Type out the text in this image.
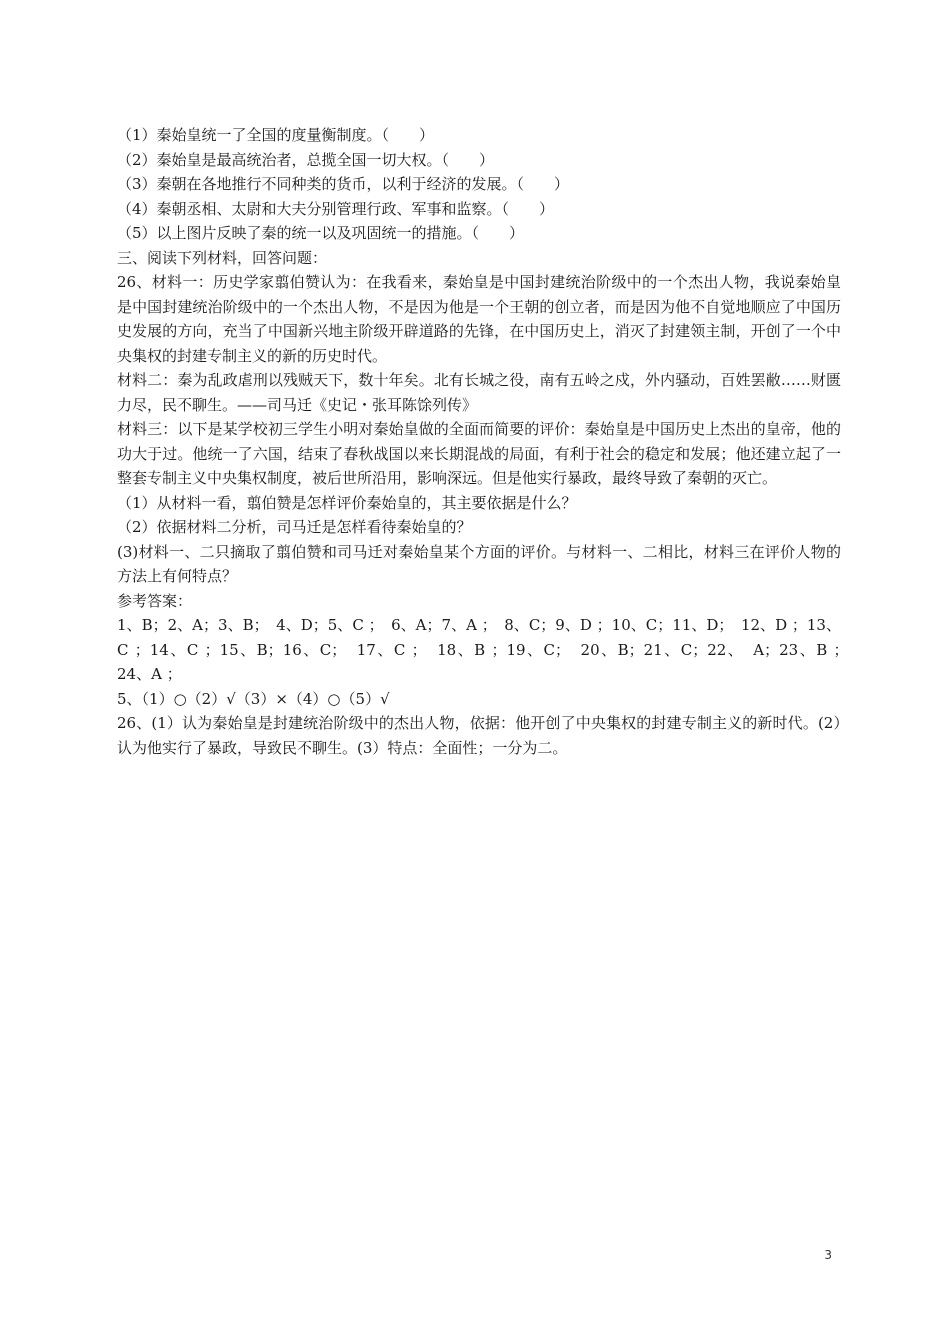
（1）秦始皇统一了全国的度量衡制度。（　　）
（2）秦始皇是最高统治者，总揽全国一切大权。（　　）
（3）秦朝在各地推行不同种类的货币，以利于经济的发展。（　　）
（4）秦朝丞相、太尉和大夫分别管理行政、军事和监察。（　　）
（5）以上图片反映了秦的统一以及巩固统一的措施。（　　）
三、阅读下列材料，回答问题：
26、材料一：历史学家翦伯赞认为：在我看来，秦始皇是中国封建统治阶级中的一个杰出人物，我说秦始皇是中国封建统治阶级中的一个杰出人物，不是因为他是一个王朝的创立者，而是因为他不自觉地顺应了中国历史发展的方向，充当了中国新兴地主阶级开辟道路的先锋，在中国历史上，消灭了封建领主制，开创了一个中央集权的封建专制主义的新的历史时代。
材料二：秦为乱政虐刑以残贼天下，数十年矣。北有长城之役，南有五岭之戍，外内骚动，百姓罢敝……财匮力尽，民不聊生。——司马迁《史记・张耳陈馀列传》
材料三：以下是某学校初三学生小明对秦始皇做的全面而简要的评价：秦始皇是中国历史上杰出的皇帝，他的功大于过。他统一了六国，结束了春秋战国以来长期混战的局面，有利于社会的稳定和发展；他还建立起了一整套专制主义中央集权制度，被后世所沿用，影响深远。但是他实行暴政，最终导致了秦朝的灭亡。
（1）从材料一看，翦伯赞是怎样评价秦始皇的，其主要依据是什么？
（2）依据材料二分析，司马迁是怎样看待秦始皇的？
(3)材料一、二只摘取了翦伯赞和司马迁对秦始皇某个方面的评价。与材料一、二相比，材料三在评价人物的方法上有何特点？
参考答案：
1、B；2、A；3、B；　4、D；5、C ；　6、A；7、A ；　8、C；9、D ；10、C；11、D；　12、D ；13、C ；14、C ；15、B；16、C；　17、C ；　18、B ；19、C；　20、B；21、C；22、　A；23、B ；　24、A ；
5、（1）○（2）√（3）×（4）○（5）√
26、(1）认为秦始皇是封建统治阶级中的杰出人物，依据：他开创了中央集权的封建专制主义的新时代。(2）认为他实行了暴政，导致民不聊生。(3）特点：全面性；一分为二。
3
